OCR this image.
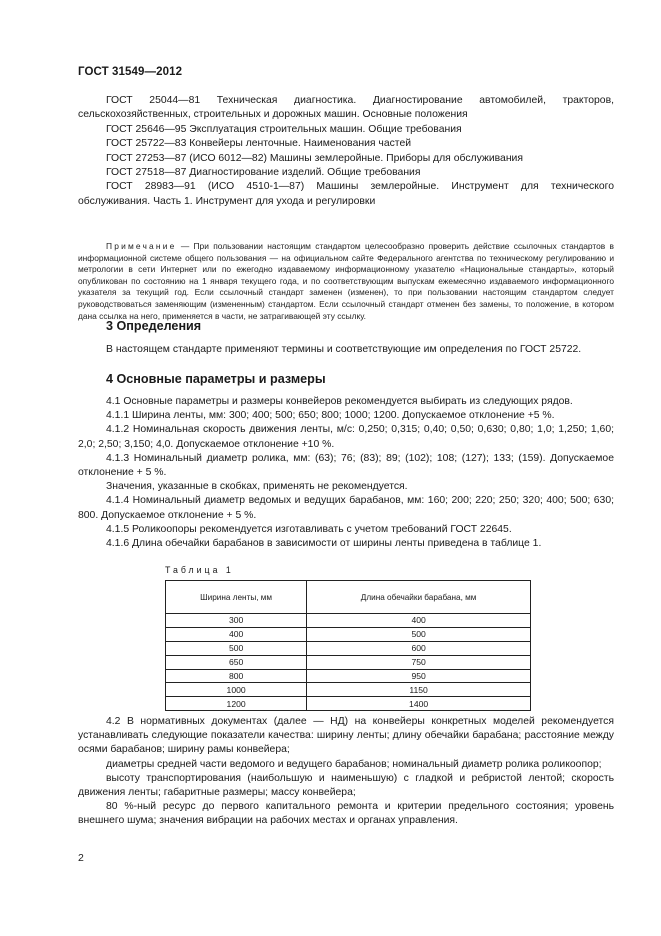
ГОСТ 31549—2012
ГОСТ 25044—81 Техническая диагностика. Диагностирование автомобилей, тракторов, сельскохозяйственных, строительных и дорожных машин. Основные положения
ГОСТ 25646—95 Эксплуатация строительных машин. Общие требования
ГОСТ 25722—83 Конвейеры ленточные. Наименования частей
ГОСТ 27253—87 (ИСО 6012—82) Машины землеройные. Приборы для обслуживания
ГОСТ 27518—87 Диагностирование изделий. Общие требования
ГОСТ 28983—91 (ИСО 4510-1—87) Машины землеройные. Инструмент для технического обслуживания. Часть 1. Инструмент для ухода и регулировки
Примечание — При пользовании настоящим стандартом целесообразно проверить действие ссылочных стандартов в информационной системе общего пользования — на официальном сайте Федерального агентства по техническому регулированию и метрологии в сети Интернет или по ежегодно издаваемому информационному указателю «Национальные стандарты», который опубликован по состоянию на 1 января текущего года, и по соответствующим выпускам ежемесячно издаваемого информационного указателя за текущий год. Если ссылочный стандарт заменен (изменен), то при пользовании настоящим стандартом следует руководствоваться заменяющим (измененным) стандартом. Если ссылочный стандарт отменен без замены, то положение, в котором дана ссылка на него, применяется в части, не затрагивающей эту ссылку.
3 Определения
В настоящем стандарте применяют термины и соответствующие им определения по ГОСТ 25722.
4 Основные параметры и размеры
4.1 Основные параметры и размеры конвейеров рекомендуется выбирать из следующих рядов.
4.1.1 Ширина ленты, мм: 300; 400; 500; 650; 800; 1000; 1200. Допускаемое отклонение +5 %.
4.1.2 Номинальная скорость движения ленты, м/с: 0,250; 0,315; 0,40; 0,50; 0,630; 0,80; 1,0; 1,250; 1,60; 2,0; 2,50; 3,150; 4,0. Допускаемое отклонение +10 %.
4.1.3 Номинальный диаметр ролика, мм: (63); 76; (83); 89; (102); 108; (127); 133; (159). Допускаемое отклонение + 5 %.
Значения, указанные в скобках, применять не рекомендуется.
4.1.4 Номинальный диаметр ведомых и ведущих барабанов, мм: 160; 200; 220; 250; 320; 400; 500; 630; 800. Допускаемое отклонение + 5 %.
4.1.5 Роликоопоры рекомендуется изготавливать с учетом требований ГОСТ 22645.
4.1.6 Длина обечайки барабанов в зависимости от ширины ленты приведена в таблице 1.
Таблица 1
Ширина ленты, мм	Длина обечайки барабана, мм
300	400
400	500
500	600
650	750
800	950
1000	1150
1200	1400
4.2 В нормативных документах (далее — НД) на конвейеры конкретных моделей рекомендуется устанавливать следующие показатели качества: ширину ленты; длину обечайки барабана; расстояние между осями барабанов; ширину рамы конвейера;
диаметры средней части ведомого и ведущего барабанов; номинальный диаметр ролика роликоопор;
высоту транспортирования (наибольшую и наименьшую) с гладкой и ребристой лентой; скорость движения ленты; габаритные размеры; массу конвейера;
80 %-ный ресурс до первого капитального ремонта и критерии предельного состояния; уровень внешнего шума; значения вибрации на рабочих местах и органах управления.
2
